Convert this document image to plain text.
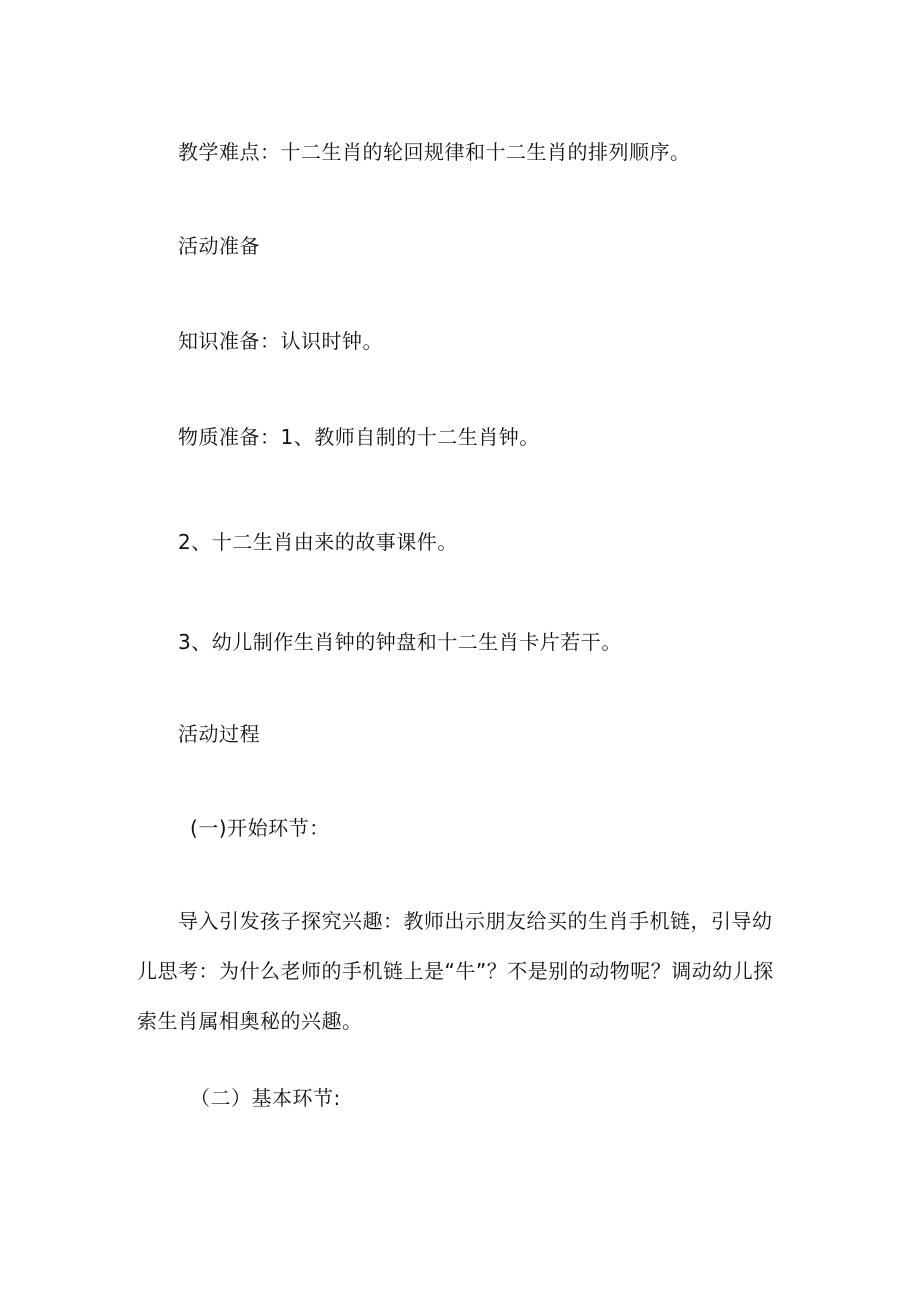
教学难点：十二生肖的轮回规律和十二生肖的排列顺序。
活动准备
知识准备：认识时钟。
物质准备：1、教师自制的十二生肖钟。
2、十二生肖由来的故事课件。
3、幼儿制作生肖钟的钟盘和十二生肖卡片若干。
活动过程
(一)开始环节：
导入引发孩子探究兴趣：教师出示朋友给买的生肖手机链，引导幼儿思考：为什么老师的手机链上是“牛”？不是别的动物呢？调动幼儿探索生肖属相奥秘的兴趣。
（二）基本环节:
